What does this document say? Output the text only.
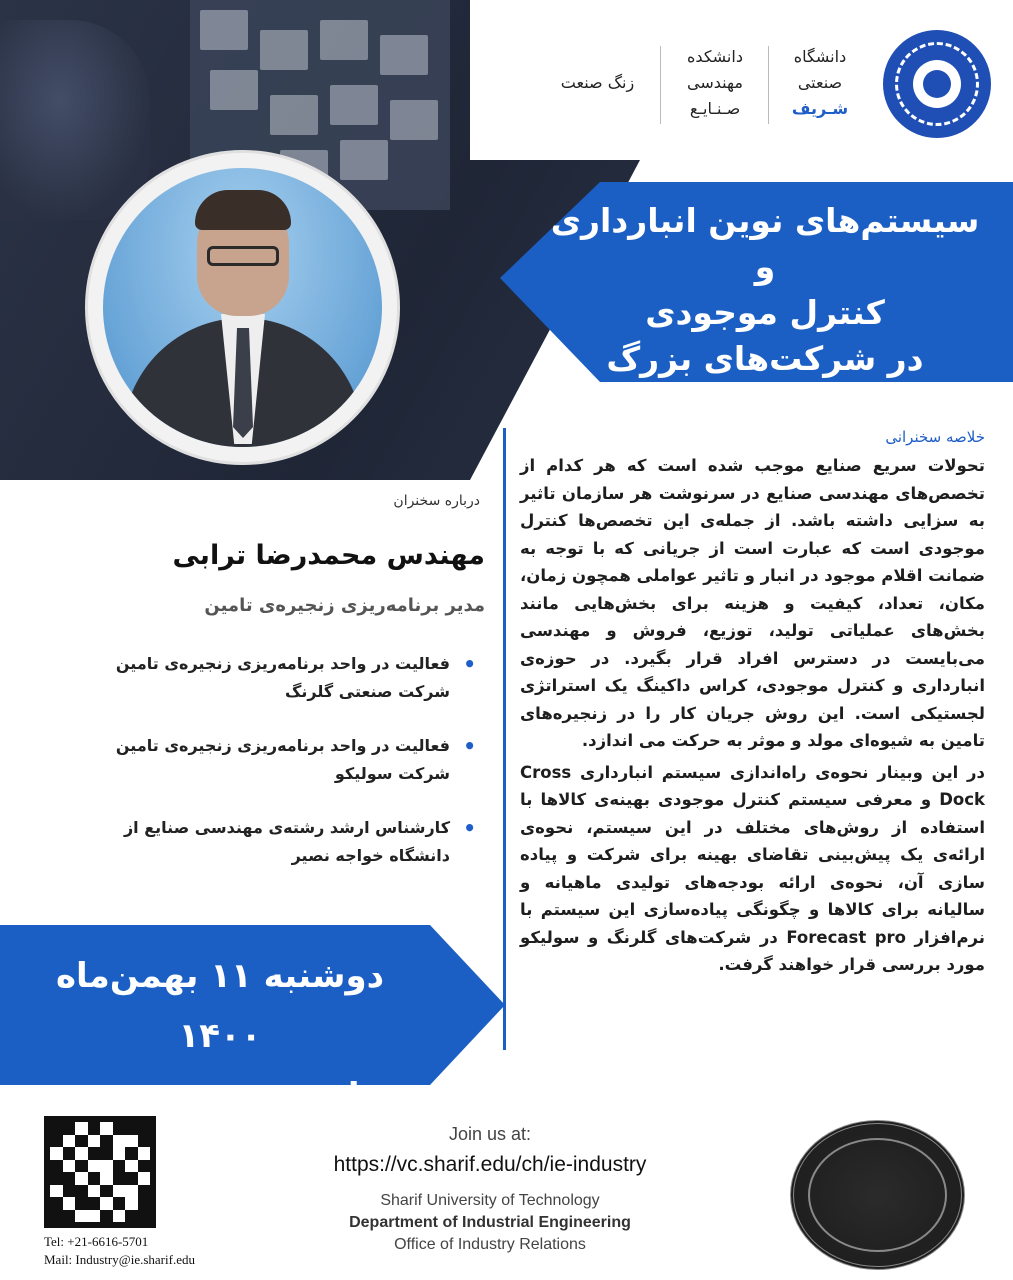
دانشگاه
صنعتی
شـریف
دانشکده
مهندسی
صـنـایـع
زنگ صنعت
سیستم‌های نوین انبارداری و
کنترل موجودی
در شرکت‌های بزرگ
خلاصه سخنرانی

تحولات سریع صنایع موجب شده است که هر کدام از تخصص‌های مهندسی صنایع در سرنوشت هر سازمان تاثیر به سزایی داشته باشد. از جمله‌ی این تخصص‌ها کنترل موجودی است که عبارت است از جریانی که با توجه به ضمانت اقلام موجود در انبار و تاثیر عواملی همچون زمان، مکان، تعداد، کیفیت و هزینه برای بخش‌هایی مانند بخش‌های عملیاتی تولید، توزیع، فروش و مهندسی می‌بایست در دسترس افراد قرار بگیرد. در حوزه‌ی انبارداری و کنترل موجودی، کراس داکینگ یک استراتژی لجستیکی است. این روش جریان کار را در زنجیره‌های تامین به شیوه‌ای مولد و موثر به حرکت می اندازد.

در این وبینار نحوه‌ی راه‌اندازی سیستم انبارداری Cross Dock و معرفی سیستم کنترل موجودی بهینه‌ی کالاها با استفاده از روش‌های مختلف در این سیستم، نحوه‌ی ارائه‌ی یک پیش‌بینی تقاضای بهینه برای شرکت و پیاده سازی آن، نحوه‌ی ارائه بودجه‌های تولیدی ماهیانه و سالیانه برای کالاها و چگونگی پیاده‌سازی این سیستم با نرم‌افزار Forecast pro در شرکت‌های گلرنگ و سولیکو مورد بررسی قرار خواهند گرفت.

درباره سخنران
مهندس محمدرضا ترابی
مدیر برنامه‌ریزی زنجیره‌ی تامین
• فعالیت در واحد برنامه‌ریزی زنجیره‌ی تامین شرکت صنعتی گلرنگ
• فعالیت در واحد برنامه‌ریزی زنجیره‌ی تامین شرکت سولیکو
• کارشناس ارشد رشته‌ی مهندسی صنایع از دانشگاه خواجه نصیر
دوشنبه ۱۱ بهمن‌ماه ۱۴۰۰
ساعت ۱۶:۰۰ - ۱۸:۰۰
Tel: +21-6616-5701
Mail: Industry@ie.sharif.edu
Join us at:
https://vc.sharif.edu/ch/ie-industry
Sharif University of Technology
Department of Industrial Engineering
Office of Industry Relations
